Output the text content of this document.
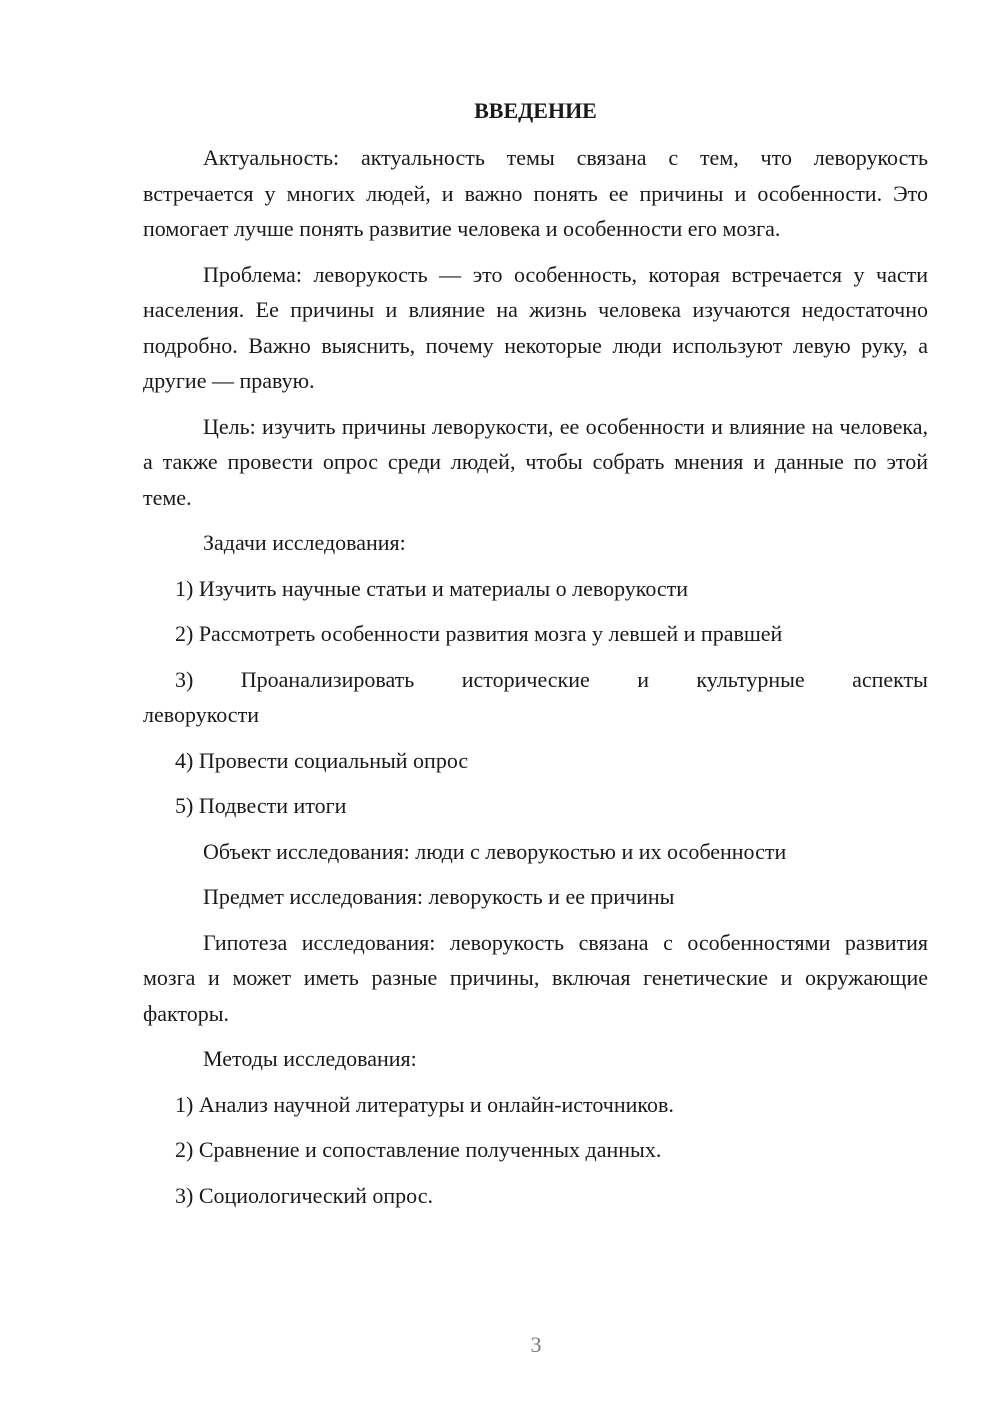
ВВЕДЕНИЕ

Актуальность: актуальность темы связана с тем, что леворукость встречается у многих людей, и важно понять ее причины и особенности. Это помогает лучше понять развитие человека и особенности его мозга.

Проблема: леворукость — это особенность, которая встречается у части населения. Ее причины и влияние на жизнь человека изучаются недостаточно подробно. Важно выяснить, почему некоторые люди используют левую руку, а другие — правую.

Цель: изучить причины леворукости, ее особенности и влияние на человека, а также провести опрос среди людей, чтобы собрать мнения и данные по этой теме.

Задачи исследования:

1) Изучить научные статьи и материалы о леворукости

2) Рассмотреть особенности развития мозга у левшей и правшей

3) Проанализировать исторические и культурные аспекты

леворукости

4) Провести социальный опрос

5) Подвести итоги

Объект исследования: люди с леворукостью и их особенности

Предмет исследования: леворукость и ее причины

Гипотеза исследования: леворукость связана с особенностями развития мозга и может иметь разные причины, включая генетические и окружающие факторы.

Методы исследования:

1) Анализ научной литературы и онлайн-источников.

2) Сравнение и сопоставление полученных данных.

3) Социологический опрос.

3
